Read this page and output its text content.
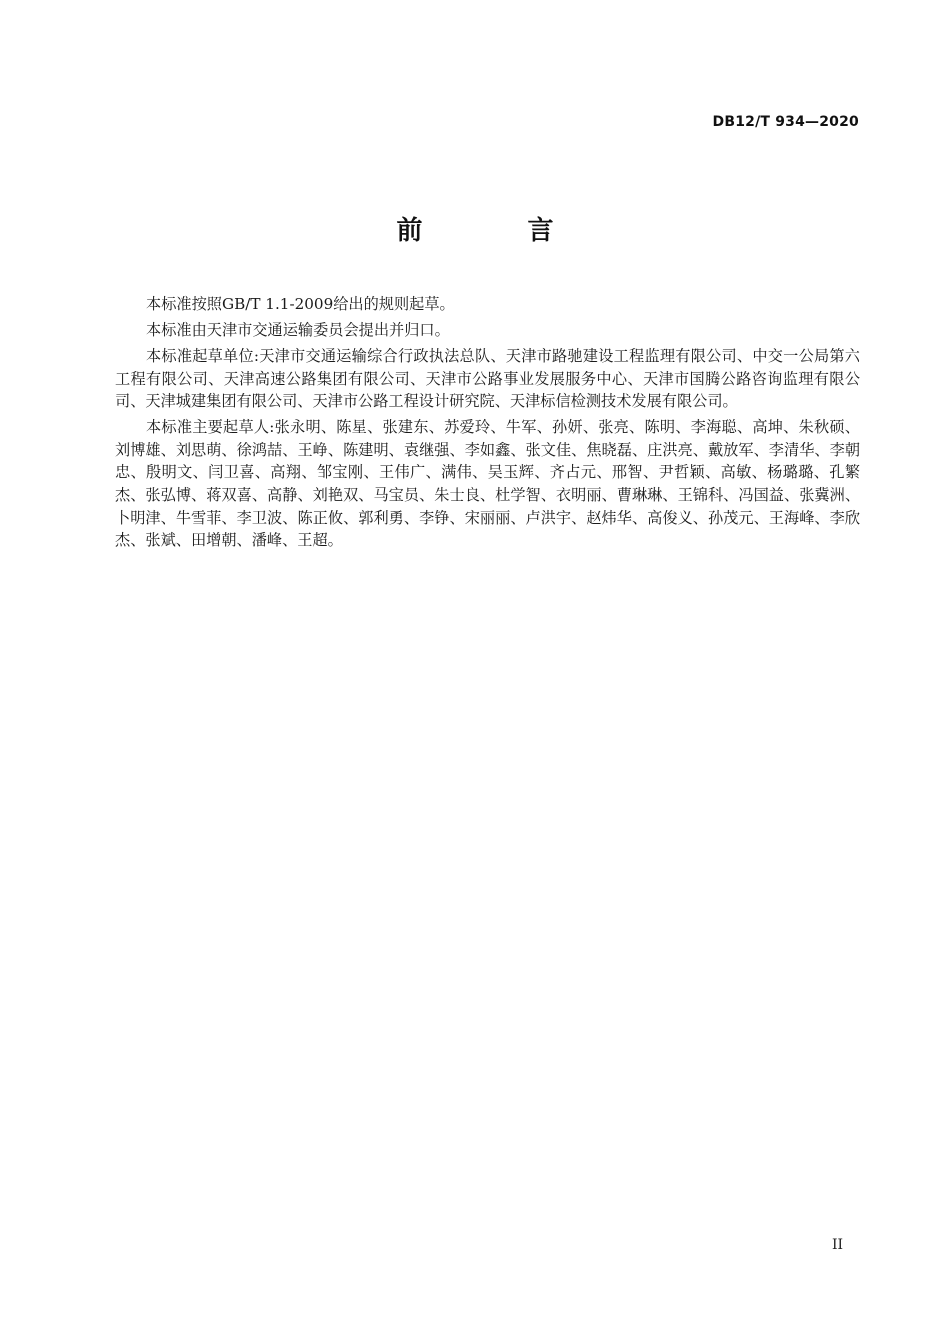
DB12/T 934—2020
前 言

本标准按照GB/T 1.1-2009给出的规则起草。

本标准由天津市交通运输委员会提出并归口。

本标准起草单位:天津市交通运输综合行政执法总队、天津市路驰建设工程监理有限公司、中交一公局第六工程有限公司、天津高速公路集团有限公司、天津市公路事业发展服务中心、天津市国腾公路咨询监理有限公司、天津城建集团有限公司、天津市公路工程设计研究院、天津标信检测技术发展有限公司。

本标准主要起草人:张永明、陈星、张建东、苏爱玲、牛军、孙妍、张亮、陈明、李海聪、高坤、朱秋硕、刘博雄、刘思萌、徐鸿喆、王峥、陈建明、袁继强、李如鑫、张文佳、焦晓磊、庄洪亮、戴放军、李清华、李朝忠、殷明文、闫卫喜、高翔、邹宝刚、王伟广、满伟、吴玉辉、齐占元、邢智、尹哲颖、高敏、杨璐璐、孔繁杰、张弘博、蒋双喜、高静、刘艳双、马宝员、朱士良、杜学智、衣明丽、曹琳琳、王锦科、冯国益、张冀洲、卜明津、牛雪菲、李卫波、陈正攸、郭利勇、李铮、宋丽丽、卢洪宇、赵炜华、高俊义、孙茂元、王海峰、李欣杰、张斌、田增朝、潘峰、王超。

II
